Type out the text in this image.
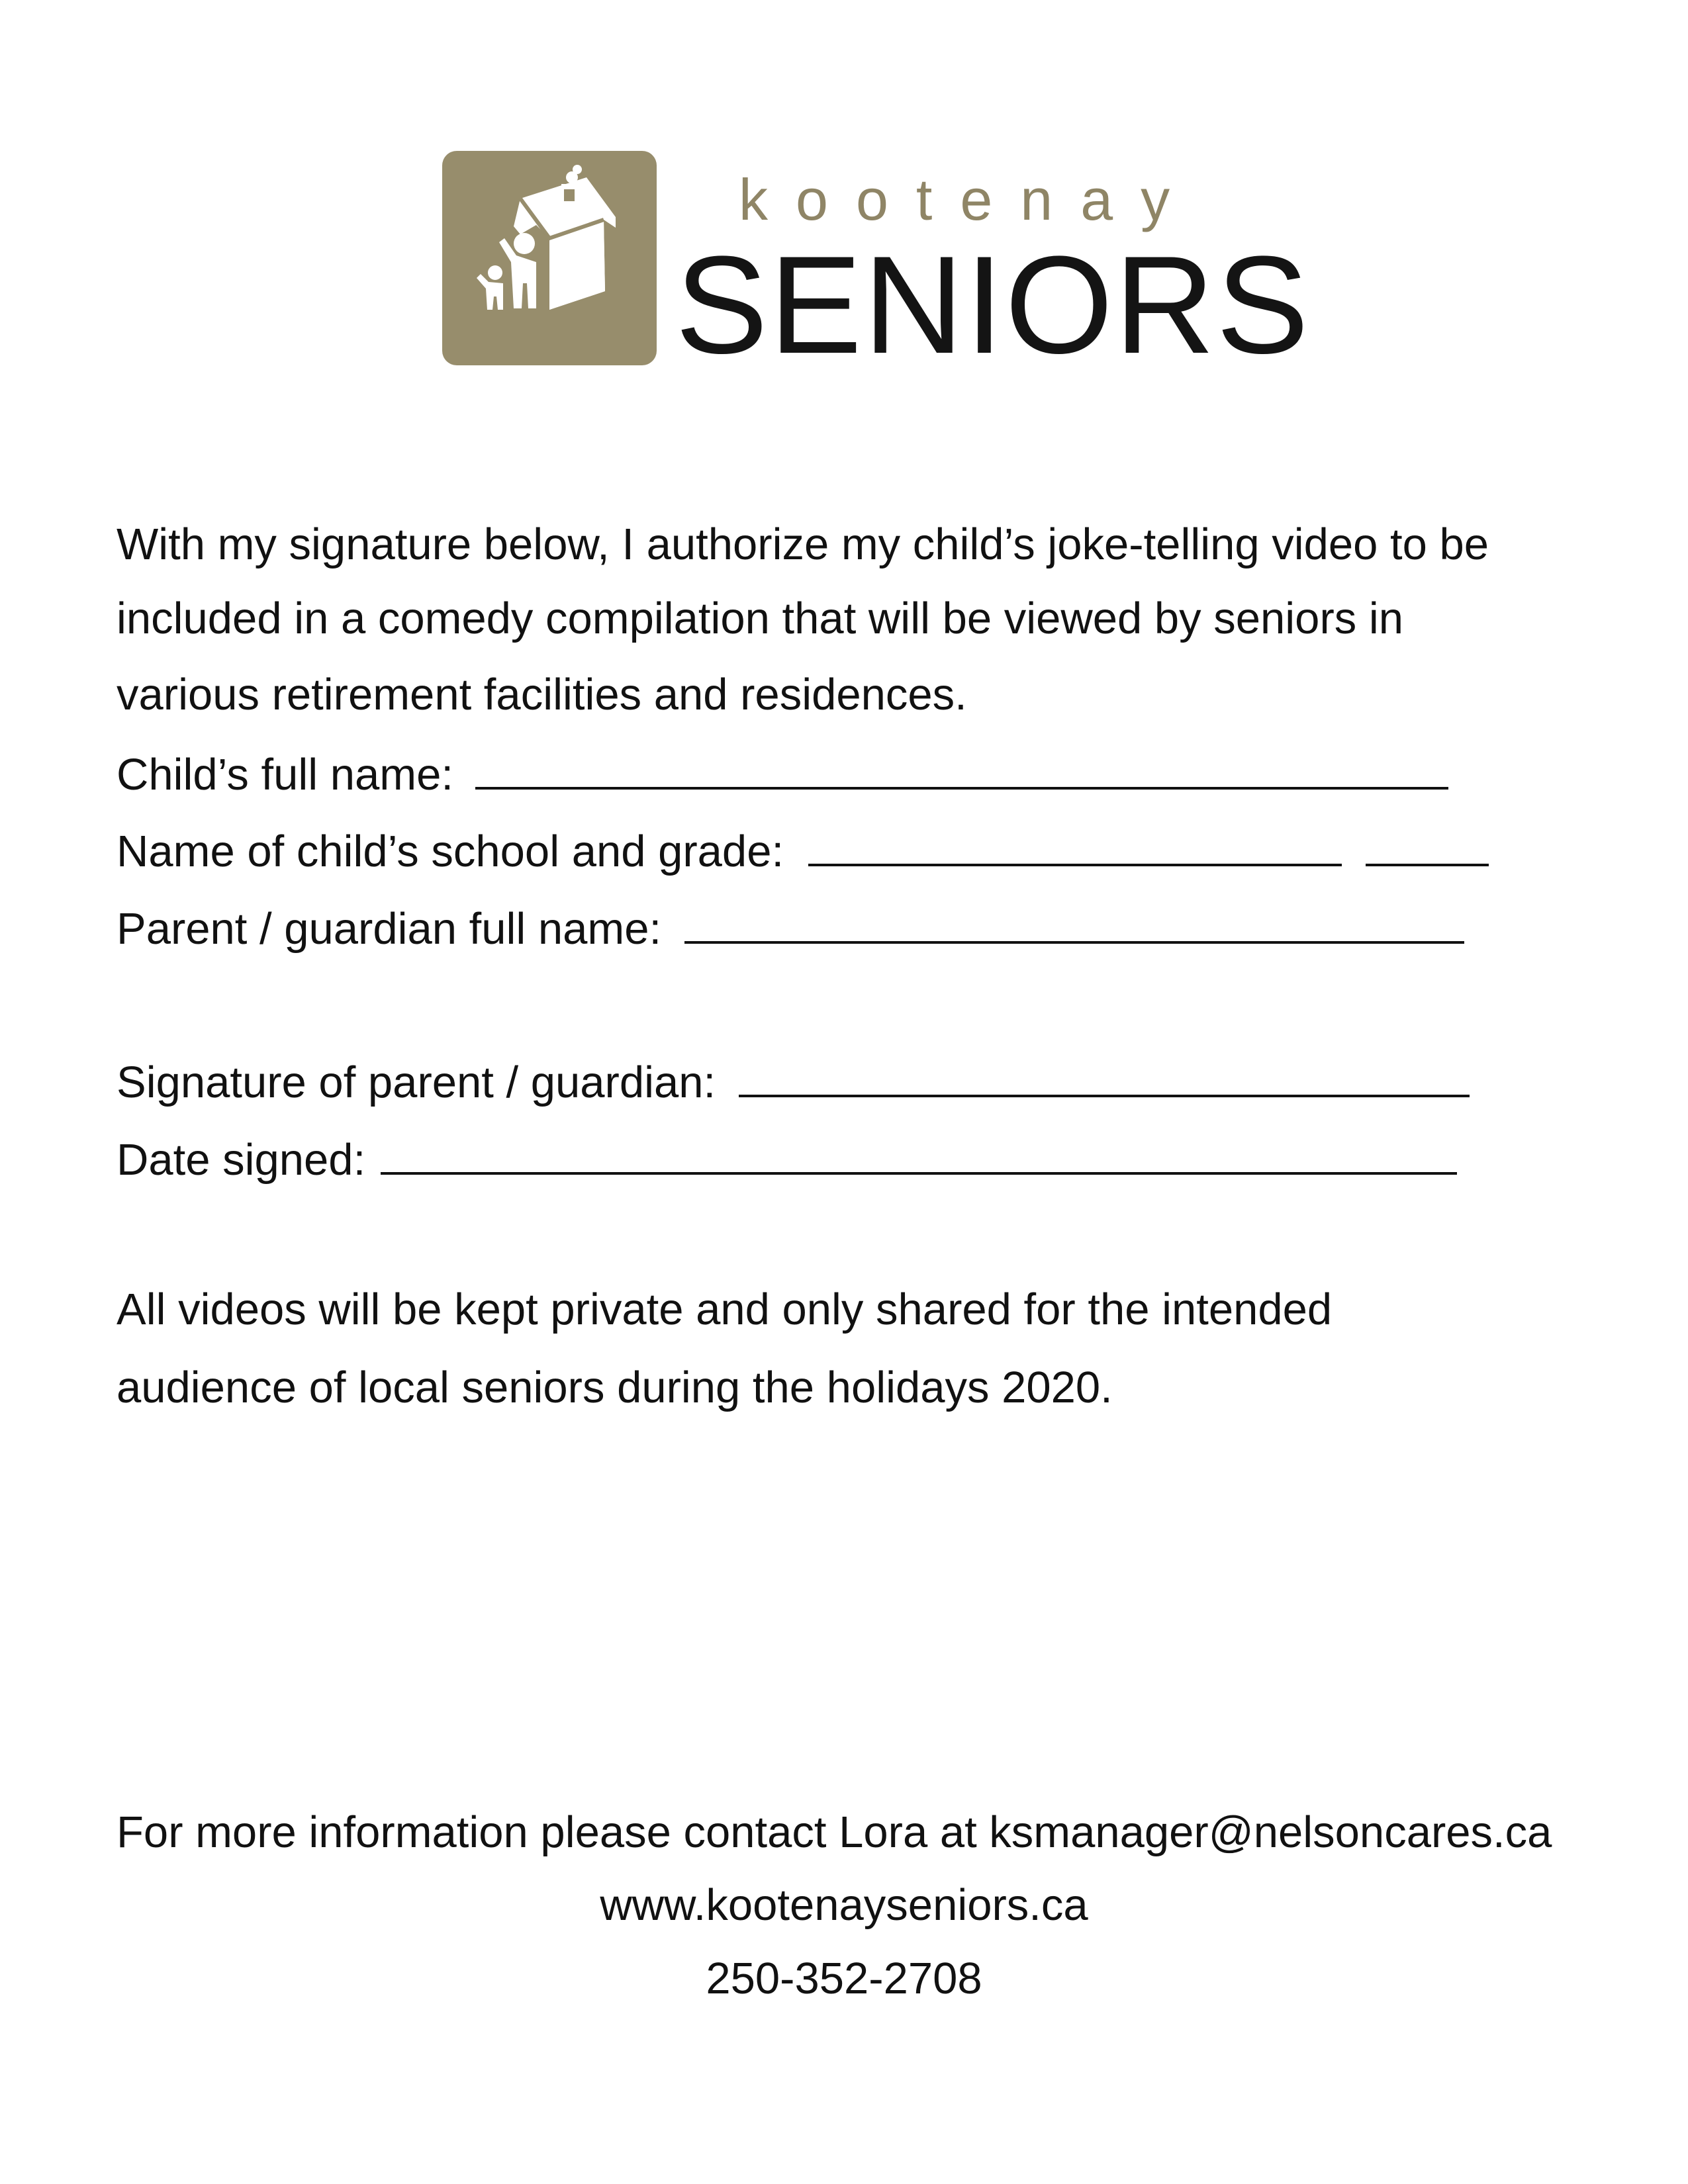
kootenay
SENIORS
With my signature below, I authorize my child’s joke-telling video to be
included in a comedy compilation that will be viewed by seniors in
various retirement facilities and residences.
Child’s full name:
Name of child’s school and grade:
Parent / guardian full name:
Signature of parent / guardian:
Date signed:
All videos will be kept private and only shared for the intended
audience of local seniors during the holidays 2020.
For more information please contact Lora at ksmanager@nelsoncares.ca
www.kootenayseniors.ca
250-352-2708
